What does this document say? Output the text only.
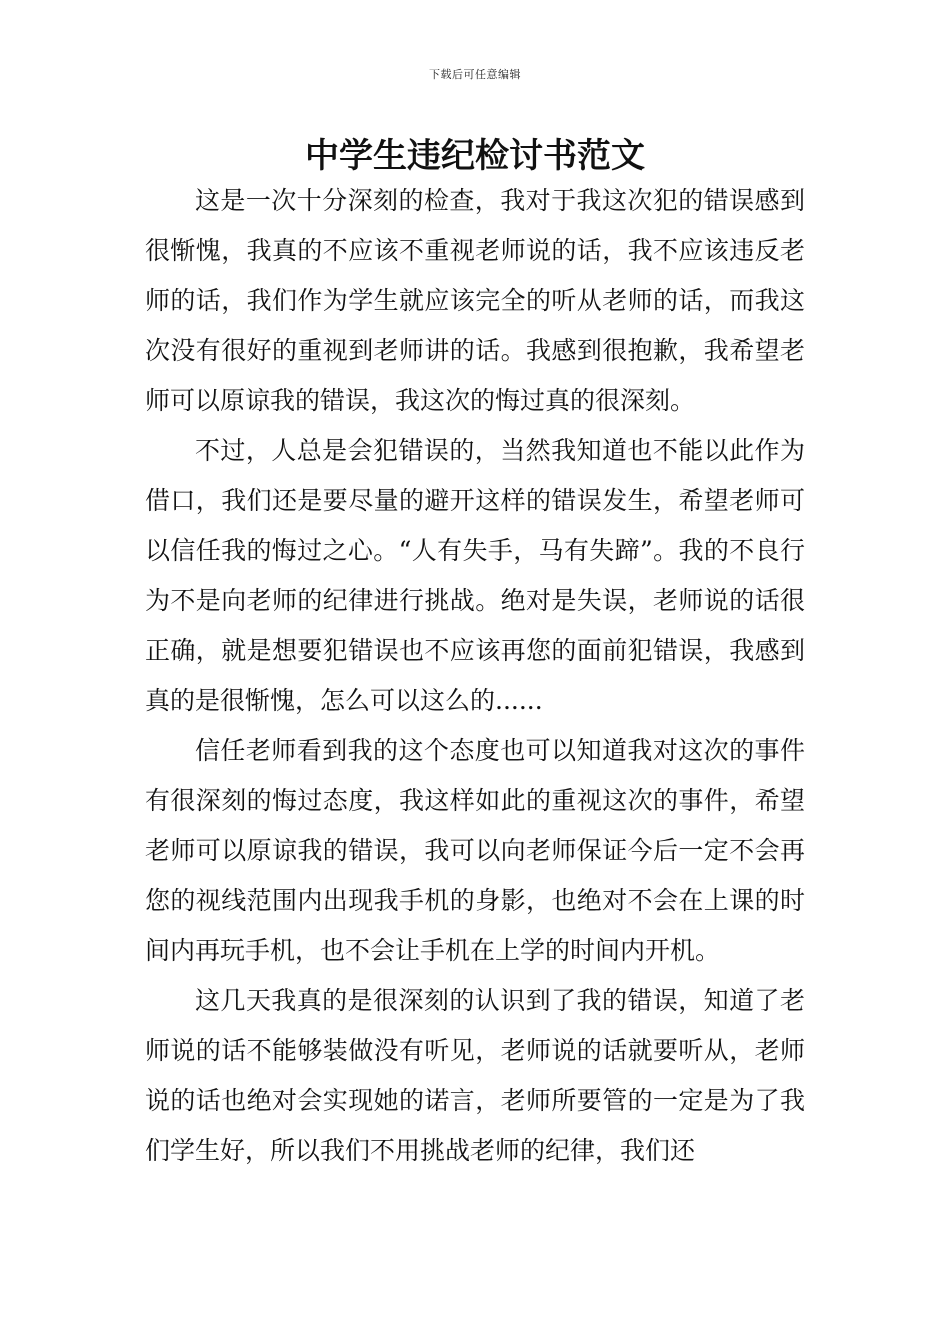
下载后可任意编辑
中学生违纪检讨书范文

这是一次十分深刻的检查，我对于我这次犯的错误感到很惭愧，我真的不应该不重视老师说的话，我不应该违反老师的话，我们作为学生就应该完全的听从老师的话，而我这次没有很好的重视到老师讲的话。我感到很抱歉，我希望老师可以原谅我的错误，我这次的悔过真的很深刻。

不过，人总是会犯错误的，当然我知道也不能以此作为借口，我们还是要尽量的避开这样的错误发生，希望老师可以信任我的悔过之心。“人有失手，马有失蹄”。我的不良行为不是向老师的纪律进行挑战。绝对是失误，老师说的话很正确，就是想要犯错误也不应该再您的面前犯错误，我感到真的是很惭愧，怎么可以这么的......

信任老师看到我的这个态度也可以知道我对这次的事件有很深刻的悔过态度，我这样如此的重视这次的事件，希望老师可以原谅我的错误，我可以向老师保证今后一定不会再您的视线范围内出现我手机的身影，也绝对不会在上课的时间内再玩手机，也不会让手机在上学的时间内开机。

这几天我真的是很深刻的认识到了我的错误，知道了老师说的话不能够装做没有听见，老师说的话就要听从，老师说的话也绝对会实现她的诺言，老师所要管的一定是为了我们学生好，所以我们不用挑战老师的纪律，我们还
